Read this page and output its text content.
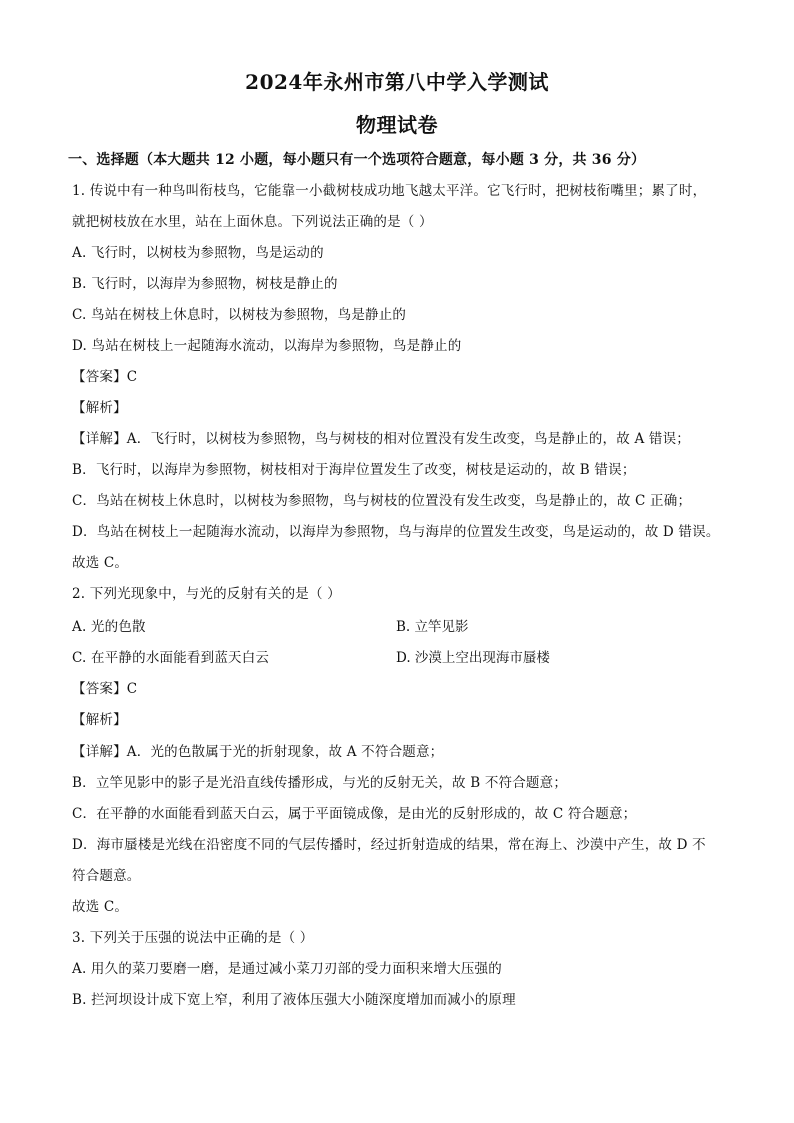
2024年永州市第八中学入学测试
物理试卷
一、选择题（本大题共 12 小题，每小题只有一个选项符合题意，每小题 3 分，共 36 分）
1. 传说中有一种鸟叫衔枝鸟，它能靠一小截树枝成功地飞越太平洋。它飞行时，把树枝衔嘴里；累了时，
就把树枝放在水里，站在上面休息。下列说法正确的是（ ）
A. 飞行时，以树枝为参照物，鸟是运动的
B. 飞行时，以海岸为参照物，树枝是静止的
C. 鸟站在树枝上休息时，以树枝为参照物，鸟是静止的
D. 鸟站在树枝上一起随海水流动，以海岸为参照物，鸟是静止的
【答案】C
【解析】
【详解】A．飞行时，以树枝为参照物，鸟与树枝的相对位置没有发生改变，鸟是静止的，故 A 错误；
B．飞行时，以海岸为参照物，树枝相对于海岸位置发生了改变，树枝是运动的，故 B 错误；
C．鸟站在树枝上休息时，以树枝为参照物，鸟与树枝的位置没有发生改变，鸟是静止的，故 C 正确；
D．鸟站在树枝上一起随海水流动，以海岸为参照物，鸟与海岸的位置发生改变，鸟是运动的，故 D 错误。
故选 C。
2. 下列光现象中，与光的反射有关的是（ ）
A. 光的色散	B. 立竿见影
C. 在平静的水面能看到蓝天白云	D. 沙漠上空出现海市蜃楼
【答案】C
【解析】
【详解】A．光的色散属于光的折射现象，故 A 不符合题意；
B．立竿见影中的影子是光沿直线传播形成，与光的反射无关，故 B 不符合题意；
C．在平静的水面能看到蓝天白云，属于平面镜成像，是由光的反射形成的，故 C 符合题意；
D．海市蜃楼是光线在沿密度不同的气层传播时，经过折射造成的结果，常在海上、沙漠中产生，故 D 不
符合题意。
故选 C。
3. 下列关于压强的说法中正确的是（ ）
A. 用久的菜刀要磨一磨，是通过减小菜刀刃部的受力面积来增大压强的
B. 拦河坝设计成下宽上窄，利用了液体压强大小随深度增加而减小的原理
